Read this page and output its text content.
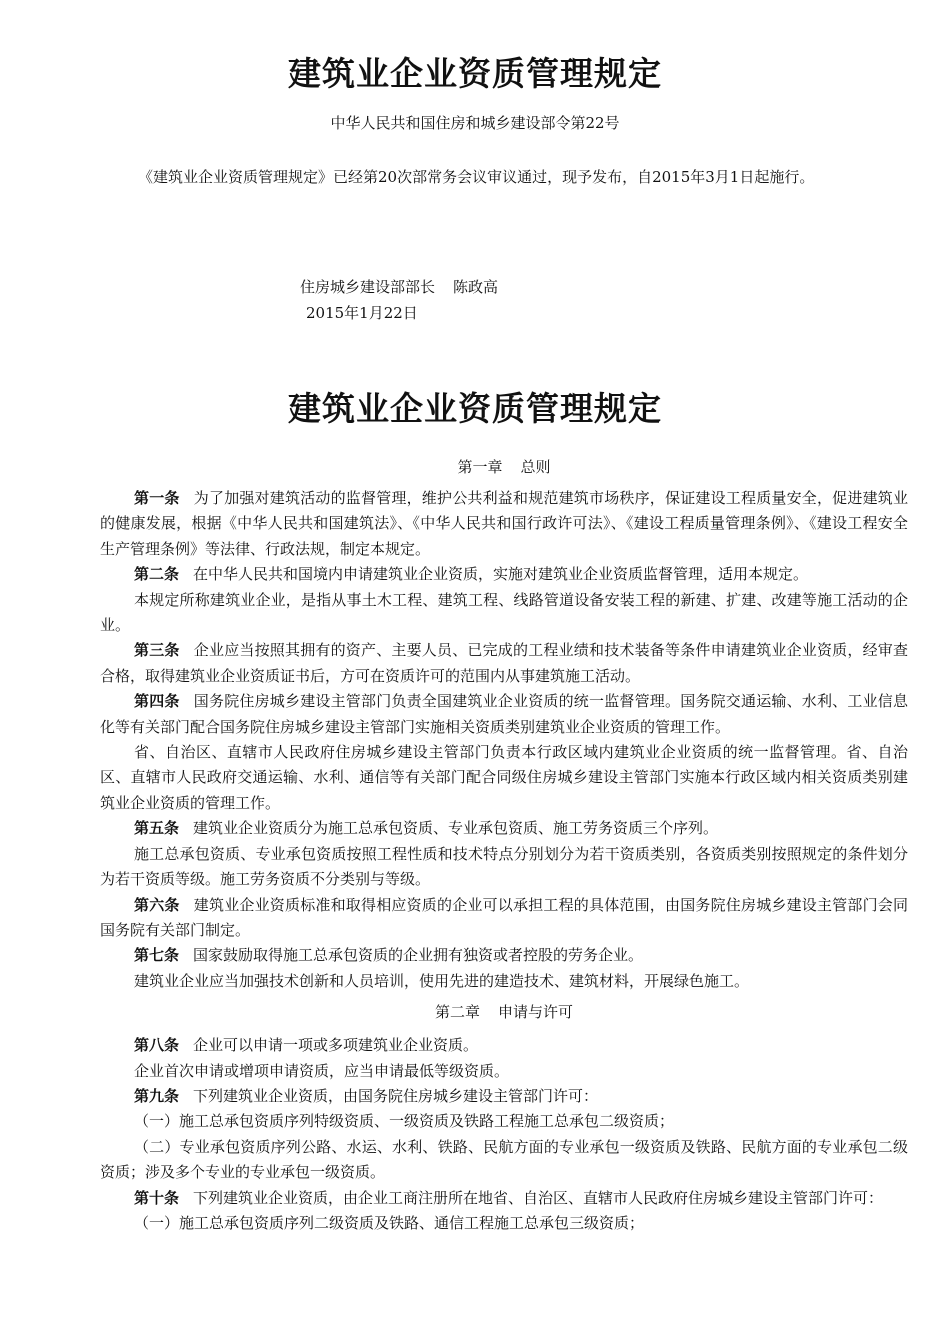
建筑业企业资质管理规定
中华人民共和国住房和城乡建设部令第22号
《建筑业企业资质管理规定》已经第20次部常务会议审议通过，现予发布，自2015年3月1日起施行。
住房城乡建设部部长 陈政高
2015年1月22日
建筑业企业资质管理规定
第一章 总则

第一条 为了加强对建筑活动的监督管理，维护公共利益和规范建筑市场秩序，保证建设工程质量安全，促进建筑业的健康发展，根据《中华人民共和国建筑法》、《中华人民共和国行政许可法》、《建设工程质量管理条例》、《建设工程安全生产管理条例》等法律、行政法规，制定本规定。

第二条 在中华人民共和国境内申请建筑业企业资质，实施对建筑业企业资质监督管理，适用本规定。

本规定所称建筑业企业，是指从事土木工程、建筑工程、线路管道设备安装工程的新建、扩建、改建等施工活动的企业。

第三条 企业应当按照其拥有的资产、主要人员、已完成的工程业绩和技术装备等条件申请建筑业企业资质，经审查合格，取得建筑业企业资质证书后，方可在资质许可的范围内从事建筑施工活动。

第四条 国务院住房城乡建设主管部门负责全国建筑业企业资质的统一监督管理。国务院交通运输、水利、工业信息化等有关部门配合国务院住房城乡建设主管部门实施相关资质类别建筑业企业资质的管理工作。

省、自治区、直辖市人民政府住房城乡建设主管部门负责本行政区域内建筑业企业资质的统一监督管理。省、自治区、直辖市人民政府交通运输、水利、通信等有关部门配合同级住房城乡建设主管部门实施本行政区域内相关资质类别建筑业企业资质的管理工作。

第五条 建筑业企业资质分为施工总承包资质、专业承包资质、施工劳务资质三个序列。

施工总承包资质、专业承包资质按照工程性质和技术特点分别划分为若干资质类别，各资质类别按照规定的条件划分为若干资质等级。施工劳务资质不分类别与等级。

第六条 建筑业企业资质标准和取得相应资质的企业可以承担工程的具体范围，由国务院住房城乡建设主管部门会同国务院有关部门制定。

第七条 国家鼓励取得施工总承包资质的企业拥有独资或者控股的劳务企业。

建筑业企业应当加强技术创新和人员培训，使用先进的建造技术、建筑材料，开展绿色施工。

第二章 申请与许可

第八条 企业可以申请一项或多项建筑业企业资质。

企业首次申请或增项申请资质，应当申请最低等级资质。

第九条 下列建筑业企业资质，由国务院住房城乡建设主管部门许可：

（一）施工总承包资质序列特级资质、一级资质及铁路工程施工总承包二级资质；

（二）专业承包资质序列公路、水运、水利、铁路、民航方面的专业承包一级资质及铁路、民航方面的专业承包二级资质；涉及多个专业的专业承包一级资质。

第十条 下列建筑业企业资质，由企业工商注册所在地省、自治区、直辖市人民政府住房城乡建设主管部门许可：

（一）施工总承包资质序列二级资质及铁路、通信工程施工总承包三级资质；
